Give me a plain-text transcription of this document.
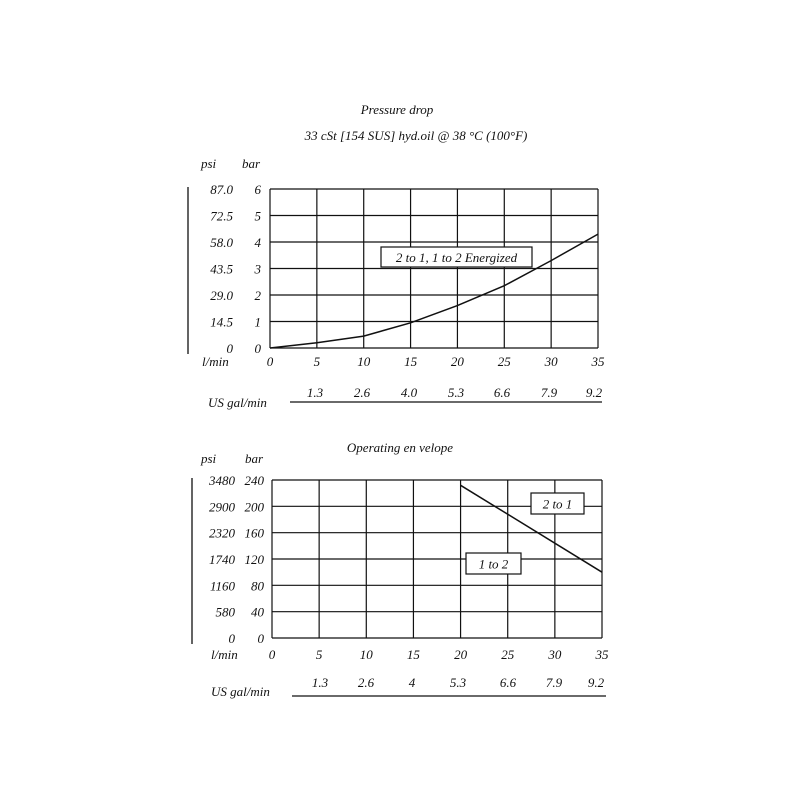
Pressure drop
33 cSt [154 SUS] hyd.oil @ 38 °C (100°F)
psi bar
l/min
US gal/min
Operating en velope
psi bar
l/min
US gal/min
0
0
1
14.5
2
29.0
3
43.5
4
58.0
5
72.5
6
87.0
0	5	10	15	20	25	30	35
1.3 2.6 4.0 5.3 6.6 7.9 9.2
0
0
40
580
80
1160
120
1740
160
2320
200
2900
240
3480
0	5	10	15	20	25	30	35
1.3 2.6	4	5.3	6.6 7.9 9.2
2 to 1, 1 to 2 Energized
2 to 1
1 to 2
